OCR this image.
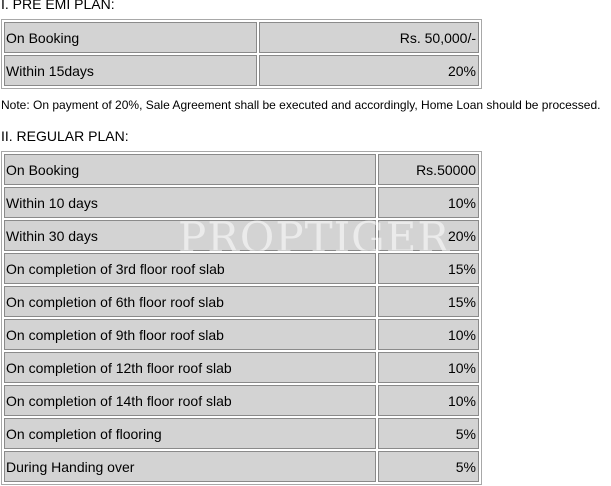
I. PRE EMI PLAN:
On Booking	Rs. 50,000/-
Within 15days	20%
Note: On payment of 20%, Sale Agreement shall be executed and accordingly, Home Loan should be processed.
II. REGULAR PLAN:
On Booking	Rs.50000
Within 10 days	10%
Within 30 days	20%
On completion of 3rd floor roof slab	15%
On completion of 6th floor roof slab	15%
On completion of 9th floor roof slab	10%
On completion of 12th floor roof slab	10%
On completion of 14th floor roof slab	10%
On completion of flooring	5%
During Handing over	5%
PROPTIGER
